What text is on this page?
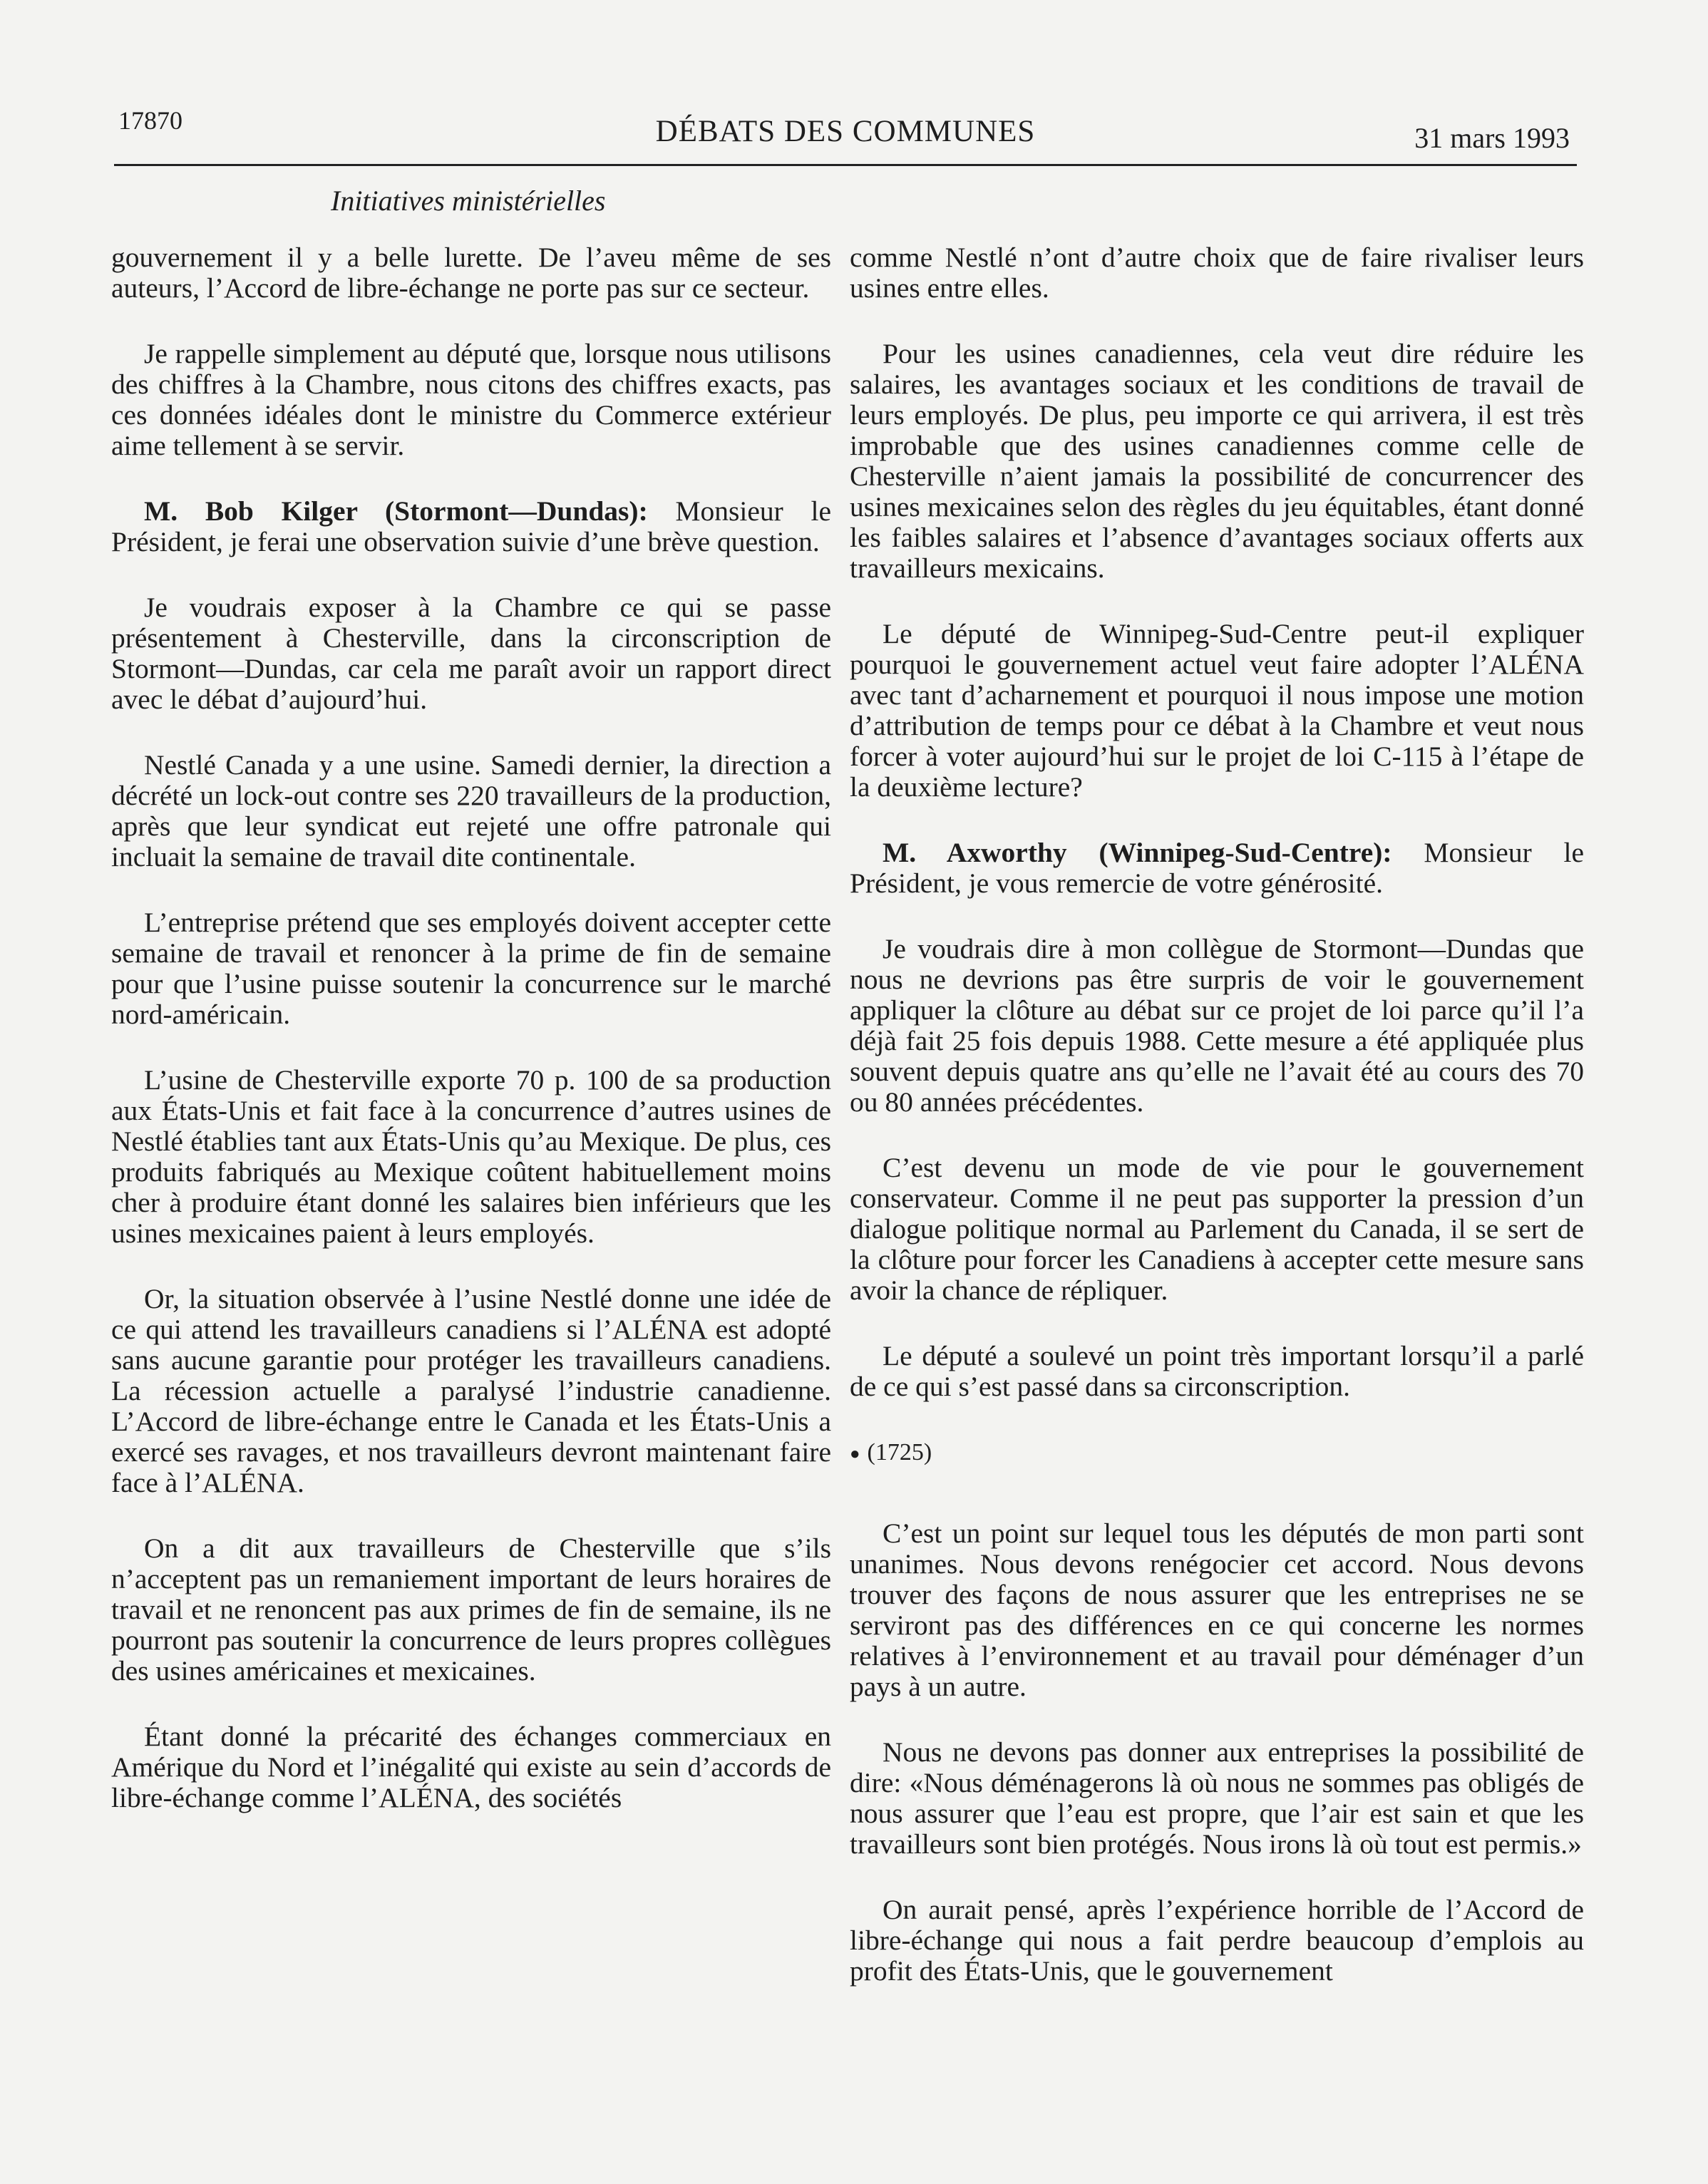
17870	DÉBATS DES COMMUNES	31 mars 1993
Initiatives ministérielles

gouvernement il y a belle lurette. De l’aveu même de ses auteurs, l’Accord de libre-échange ne porte pas sur ce secteur.

Je rappelle simplement au député que, lorsque nous utilisons des chiffres à la Chambre, nous citons des chiffres exacts, pas ces données idéales dont le ministre du Commerce extérieur aime tellement à se servir.

M. Bob Kilger (Stormont—Dundas): Monsieur le Président, je ferai une observation suivie d’une brève question.

Je voudrais exposer à la Chambre ce qui se passe présentement à Chesterville, dans la circonscription de Stormont—Dundas, car cela me paraît avoir un rapport direct avec le débat d’aujourd’hui.

Nestlé Canada y a une usine. Samedi dernier, la direction a décrété un lock-out contre ses 220 travailleurs de la production, après que leur syndicat eut rejeté une offre patronale qui incluait la semaine de travail dite continentale.

L’entreprise prétend que ses employés doivent accepter cette semaine de travail et renoncer à la prime de fin de semaine pour que l’usine puisse soutenir la concurrence sur le marché nord-américain.

L’usine de Chesterville exporte 70 p. 100 de sa production aux États-Unis et fait face à la concurrence d’autres usines de Nestlé établies tant aux États-Unis qu’au Mexique. De plus, ces produits fabriqués au Mexique coûtent habituellement moins cher à produire étant donné les salaires bien inférieurs que les usines mexicaines paient à leurs employés.

Or, la situation observée à l’usine Nestlé donne une idée de ce qui attend les travailleurs canadiens si l’ALÉNA est adopté sans aucune garantie pour protéger les travailleurs canadiens. La récession actuelle a paralysé l’industrie canadienne. L’Accord de libre-échange entre le Canada et les États-Unis a exercé ses ravages, et nos travailleurs devront maintenant faire face à l’ALÉNA.

On a dit aux travailleurs de Chesterville que s’ils n’acceptent pas un remaniement important de leurs horaires de travail et ne renoncent pas aux primes de fin de semaine, ils ne pourront pas soutenir la concurrence de leurs propres collègues des usines américaines et mexicaines.

Étant donné la précarité des échanges commerciaux en Amérique du Nord et l’inégalité qui existe au sein d’accords de libre-échange comme l’ALÉNA, des sociétés

comme Nestlé n’ont d’autre choix que de faire rivaliser leurs usines entre elles.

Pour les usines canadiennes, cela veut dire réduire les salaires, les avantages sociaux et les conditions de travail de leurs employés. De plus, peu importe ce qui arrivera, il est très improbable que des usines canadiennes comme celle de Chesterville n’aient jamais la possibilité de concurrencer des usines mexicaines selon des règles du jeu équitables, étant donné les faibles salaires et l’absence d’avantages sociaux offerts aux travailleurs mexicains.

Le député de Winnipeg-Sud-Centre peut-il expliquer pourquoi le gouvernement actuel veut faire adopter l’ALÉNA avec tant d’acharnement et pourquoi il nous impose une motion d’attribution de temps pour ce débat à la Chambre et veut nous forcer à voter aujourd’hui sur le projet de loi C-115 à l’étape de la deuxième lecture?

M. Axworthy (Winnipeg-Sud-Centre): Monsieur le Président, je vous remercie de votre générosité.

Je voudrais dire à mon collègue de Stormont—Dundas que nous ne devrions pas être surpris de voir le gouvernement appliquer la clôture au débat sur ce projet de loi parce qu’il l’a déjà fait 25 fois depuis 1988. Cette mesure a été appliquée plus souvent depuis quatre ans qu’elle ne l’avait été au cours des 70 ou 80 années précédentes.

C’est devenu un mode de vie pour le gouvernement conservateur. Comme il ne peut pas supporter la pression d’un dialogue politique normal au Parlement du Canada, il se sert de la clôture pour forcer les Canadiens à accepter cette mesure sans avoir la chance de répliquer.

Le député a soulevé un point très important lorsqu’il a parlé de ce qui s’est passé dans sa circonscription.

● (1725)

C’est un point sur lequel tous les députés de mon parti sont unanimes. Nous devons renégocier cet accord. Nous devons trouver des façons de nous assurer que les entreprises ne se serviront pas des différences en ce qui concerne les normes relatives à l’environnement et au travail pour déménager d’un pays à un autre.

Nous ne devons pas donner aux entreprises la possibilité de dire: «Nous déménagerons là où nous ne sommes pas obligés de nous assurer que l’eau est propre, que l’air est sain et que les travailleurs sont bien protégés. Nous irons là où tout est permis.»

On aurait pensé, après l’expérience horrible de l’Accord de libre-échange qui nous a fait perdre beaucoup d’emplois au profit des États-Unis, que le gouvernement
